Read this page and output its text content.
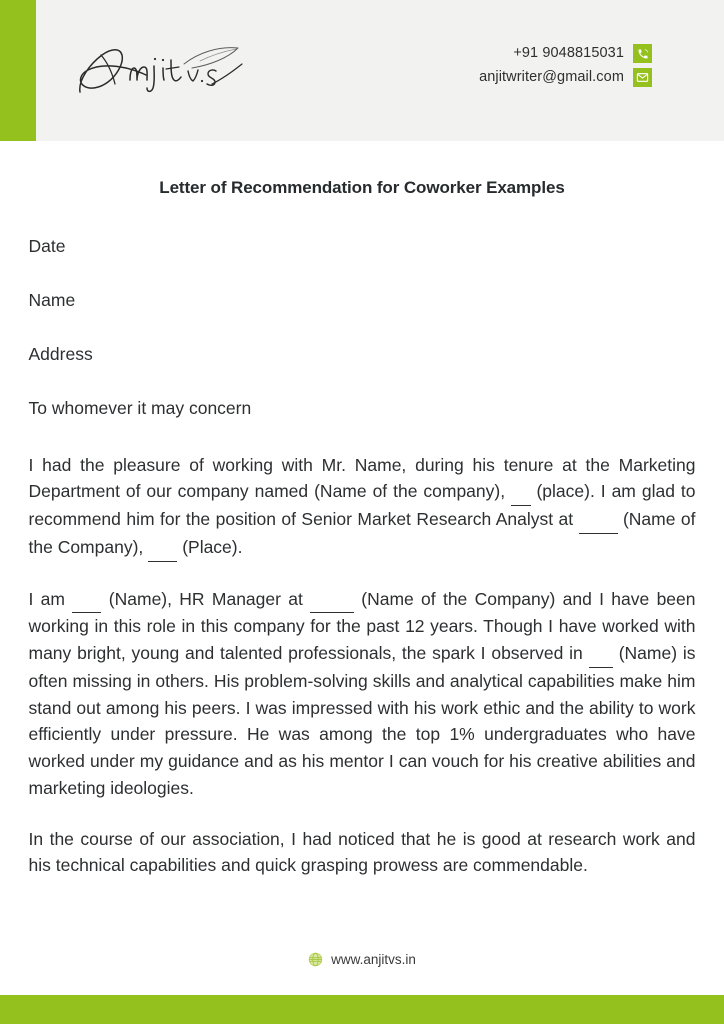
+91 9048815031
anjitwriter@gmail.com
Letter of Recommendation for Coworker Examples
Date
Name
Address
To whomever it may concern

I had the pleasure of working with Mr. Name, during his tenure at the Marketing Department of our company named (Name of the company),      (place). I am glad to recommend him for the position of Senior Market Research Analyst at          (Name of the Company),        (Place).

I am        (Name), HR Manager at	(Name of the Company) and I have been working in this role in this company for the past 12 years. Though I have worked with many bright, young and talented professionals, the spark I observed in       (Name) is often missing in others. His problem-solving skills and analytical capabilities make him stand out among his peers. I was impressed with his work ethic and the ability to work efficiently under pressure. He was among the top 1% undergraduates who have worked under my guidance and as his mentor I can vouch for his creative abilities and marketing ideologies.

In the course of our association, I had noticed that he is good at research work and his technical capabilities and quick grasping prowess are commendable.

www.anjitvs.in
